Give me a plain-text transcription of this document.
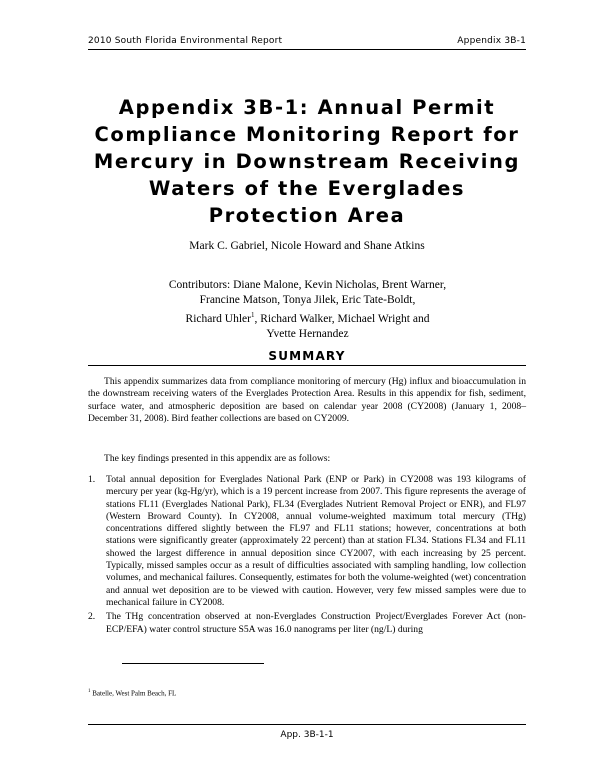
2010 South Florida Environmental Report	Appendix 3B-1
Appendix 3B-1: Annual Permit
Compliance Monitoring Report for
Mercury in Downstream Receiving
Waters of the Everglades
Protection Area
Mark C. Gabriel, Nicole Howard and Shane Atkins
Contributors: Diane Malone, Kevin Nicholas, Brent Warner,
Francine Matson, Tonya Jilek, Eric Tate-Boldt,
Richard Uhler$^1$, Richard Walker, Michael Wright and
Yvette Hernandez
SUMMARY

This appendix summarizes data from compliance monitoring of mercury (Hg) influx and bioaccumulation in the downstream receiving waters of the Everglades Protection Area. Results in this appendix for fish, sediment, surface water, and atmospheric deposition are based on calendar year 2008 (CY2008) (January 1, 2008–December 31, 2008). Bird feather collections are based on CY2009.

The key findings presented in this appendix are as follows:

1. Total annual deposition for Everglades National Park (ENP or Park) in CY2008 was 193 kilograms of mercury per year (kg-Hg/yr), which is a 19 percent increase from 2007. This figure represents the average of stations FL11 (Everglades National Park), FL34 (Everglades Nutrient Removal Project or ENR), and FL97 (Western Broward County). In CY2008, annual volume-weighted maximum total mercury (THg) concentrations differed slightly between the FL97 and FL11 stations; however, concentrations at both stations were significantly greater (approximately 22 percent) than at station FL34. Stations FL34 and FL11 showed the largest difference in annual deposition since CY2007, with each increasing by 25 percent. Typically, missed samples occur as a result of difficulties associated with sampling handling, low collection volumes, and mechanical failures. Consequently, estimates for both the volume-weighted (wet) concentration and annual wet deposition are to be viewed with caution. However, very few missed samples were due to mechanical failure in CY2008.
2. The THg concentration observed at non-Everglades Construction Project/Everglades Forever Act (non-ECP/EFA) water control structure S5A was 16.0 nanograms per liter (ng/L) during
$^1$ Batelle, West Palm Beach, FL
App. 3B-1-1
